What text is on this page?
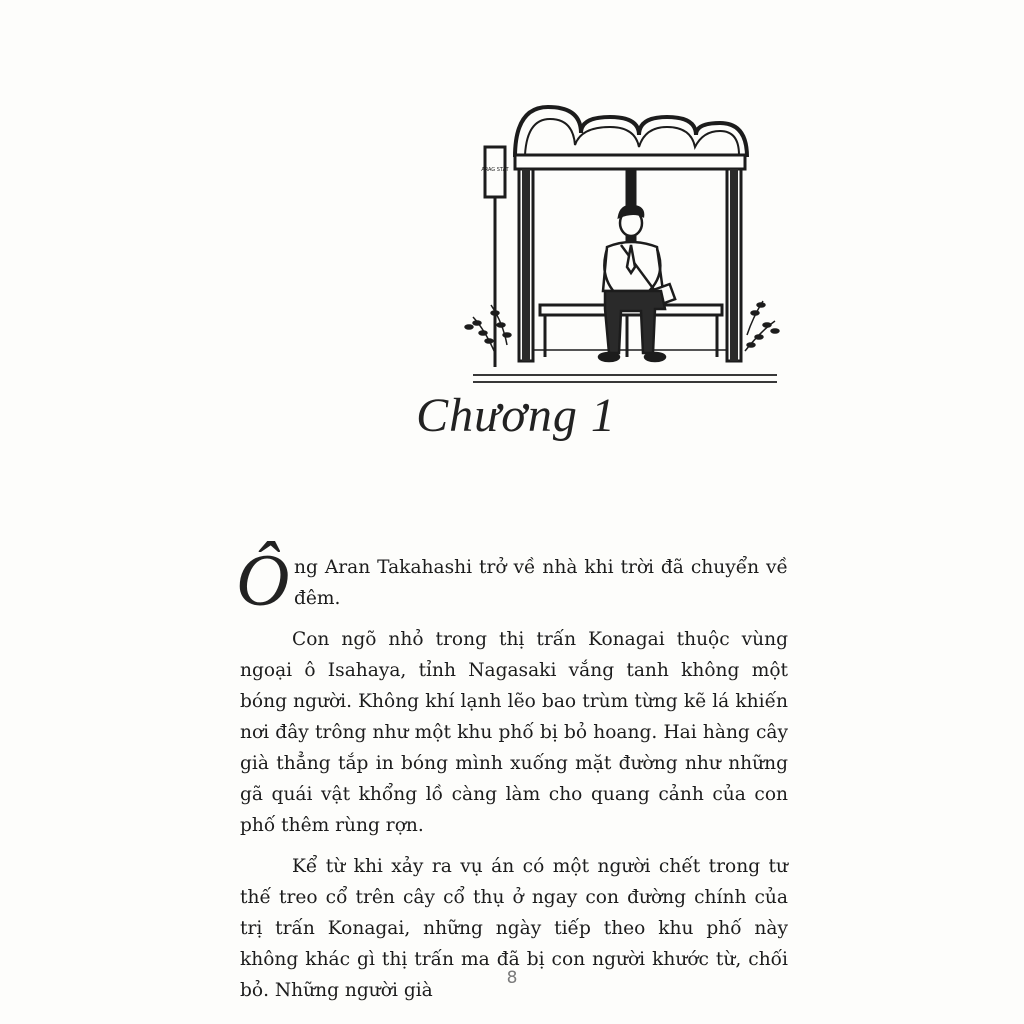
ARAG STAT
Chương 1

Ô ng Aran Takahashi trở về nhà khi trời đã chuyển về đêm.

Con ngõ nhỏ trong thị trấn Konagai thuộc vùng ngoại ô Isahaya, tỉnh Nagasaki vắng tanh không một bóng người. Không khí lạnh lẽo bao trùm từng kẽ lá khiến nơi đây trông như một khu phố bị bỏ hoang. Hai hàng cây già thẳng tắp in bóng mình xuống mặt đường như những gã quái vật khổng lồ càng làm cho quang cảnh của con phố thêm rùng rợn.

Kể từ khi xảy ra vụ án có một người chết trong tư thế treo cổ trên cây cổ thụ ở ngay con đường chính của trị trấn Konagai, những ngày tiếp theo khu phố này không khác gì thị trấn ma đã bị con người khước từ, chối bỏ. Những người già

8
